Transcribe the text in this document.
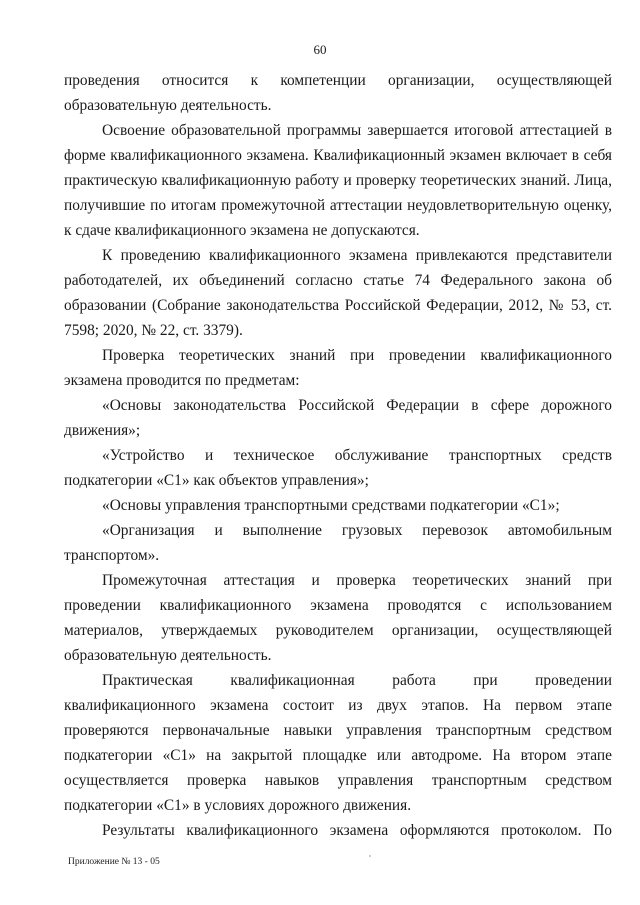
60

проведения относится к компетенции организации, осуществляющей образовательную деятельность.

Освоение образовательной программы завершается итоговой аттестацией в форме квалификационного экзамена. Квалификационный экзамен включает в себя практическую квалификационную работу и проверку теоретических знаний. Лица, получившие по итогам промежуточной аттестации неудовлетворительную оценку, к сдаче квалификационного экзамена не допускаются.

К проведению квалификационного экзамена привлекаются представители работодателей, их объединений согласно статье 74 Федерального закона об образовании (Собрание законодательства Российской Федерации, 2012, № 53, ст. 7598; 2020, № 22, ст. 3379).

Проверка теоретических знаний при проведении квалификационного экзамена проводится по предметам:

«Основы законодательства Российской Федерации в сфере дорожного движения»;

«Устройство и техническое обслуживание транспортных средств подкатегории «С1» как объектов управления»;

«Основы управления транспортными средствами подкатегории «С1»;

«Организация и выполнение грузовых перевозок автомобильным транспортом».

Промежуточная аттестация и проверка теоретических знаний при проведении квалификационного экзамена проводятся с использованием материалов, утверждаемых руководителем организации, осуществляющей образовательную деятельность.

Практическая квалификационная работа при проведении квалификационного экзамена состоит из двух этапов. На первом этапе проверяются первоначальные навыки управления транспортным средством подкатегории «С1» на закрытой площадке или автодроме. На втором этапе осуществляется проверка навыков управления транспортным средством подкатегории «С1» в условиях дорожного движения.

Результаты квалификационного экзамена оформляются протоколом. По

Приложение № 13 - 05
